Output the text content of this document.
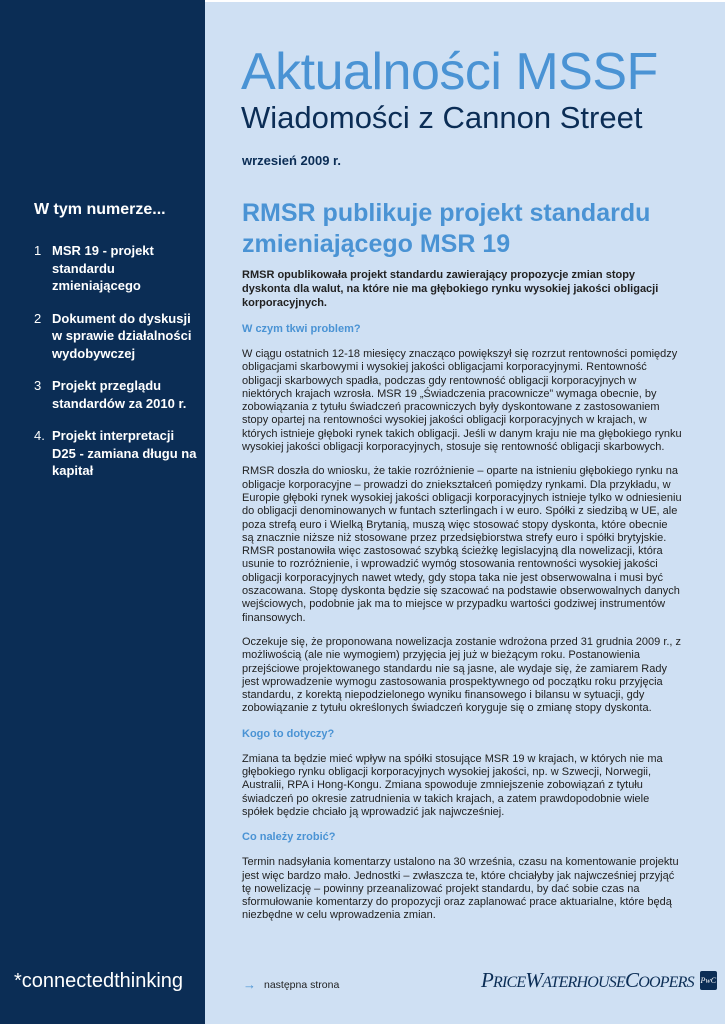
W tym numerze...
1 MSR 19 - projekt standardu zmieniającego
2 Dokument do dyskusji w sprawie działalności wydobywczej
3 Projekt przeglądu standardów za 2010 r.
4. Projekt interpretacji D25 - zamiana długu na kapitał
*connectedthinking
Aktualności MSSF
Wiadomości z Cannon Street
wrzesień 2009 r.
RMSR publikuje projekt standardu zmieniającego MSR 19

RMSR opublikowała projekt standardu zawierający propozycje zmian stopy dyskonta dla walut, na które nie ma głębokiego rynku wysokiej jakości obligacji korporacyjnych.

W czym tkwi problem?

W ciągu ostatnich 12-18 miesięcy znacząco powiększył się rozrzut rentowności pomiędzy obligacjami skarbowymi i wysokiej jakości obligacjami korporacyjnymi. Rentowność obligacji skarbowych spadła, podczas gdy rentowność obligacji korporacyjnych w niektórych krajach wzrosła. MSR 19 „Świadczenia pracownicze” wymaga obecnie, by zobowiązania z tytułu świadczeń pracowniczych były dyskontowane z zastosowaniem stopy opartej na rentowności wysokiej jakości obligacji korporacyjnych w krajach, w których istnieje głęboki rynek takich obligacji. Jeśli w danym kraju nie ma głębokiego rynku wysokiej jakości obligacji korporacyjnych, stosuje się rentowność obligacji skarbowych.

RMSR doszła do wniosku, że takie rozróżnienie – oparte na istnieniu głębokiego rynku na obligacje korporacyjne – prowadzi do zniekształceń pomiędzy rynkami. Dla przykładu, w Europie głęboki rynek wysokiej jakości obligacji korporacyjnych istnieje tylko w odniesieniu do obligacji denominowanych w funtach szterlingach i w euro. Spółki z siedzibą w UE, ale poza strefą euro i Wielką Brytanią, muszą więc stosować stopy dyskonta, które obecnie są znacznie niższe niż stosowane przez przedsiębiorstwa strefy euro i spółki brytyjskie. RMSR postanowiła więc zastosować szybką ścieżkę legislacyjną dla nowelizacji, która usunie to rozróżnienie, i wprowadzić wymóg stosowania rentowności wysokiej jakości obligacji korporacyjnych nawet wtedy, gdy stopa taka nie jest obserwowalna i musi być oszacowana. Stopę dyskonta będzie się szacować na podstawie obserwowalnych danych wejściowych, podobnie jak ma to miejsce w przypadku wartości godziwej instrumentów finansowych.

Oczekuje się, że proponowana nowelizacja zostanie wdrożona przed 31 grudnia 2009 r., z możliwością (ale nie wymogiem) przyjęcia jej już w bieżącym roku. Postanowienia przejściowe projektowanego standardu nie są jasne, ale wydaje się, że zamiarem Rady jest wprowadzenie wymogu zastosowania prospektywnego od początku roku przyjęcia standardu, z korektą niepodzielonego wyniku finansowego i bilansu w sytuacji, gdy zobowiązanie z tytułu określonych świadczeń koryguje się o zmianę stopy dyskonta.

Kogo to dotyczy?

Zmiana ta będzie mieć wpływ na spółki stosujące MSR 19 w krajach, w których nie ma głębokiego rynku obligacji korporacyjnych wysokiej jakości, np. w Szwecji, Norwegii, Australii, RPA i Hong-Kongu. Zmiana spowoduje zmniejszenie zobowiązań z tytułu świadczeń po okresie zatrudnienia w takich krajach, a zatem prawdopodobnie wiele spółek będzie chciało ją wprowadzić jak najwcześniej.

Co należy zrobić?

Termin nadsyłania komentarzy ustalono na 30 września, czasu na komentowanie projektu jest więc bardzo mało. Jednostki – zwłaszcza te, które chciałyby jak najwcześniej przyjąć tę nowelizację – powinny przeanalizować projekt standardu, by dać sobie czas na sformułowanie komentarzy do propozycji oraz zaplanować prace aktuarialne, które będą niezbędne w celu wprowadzenia zmian.

→ następna strona	PRICEWATERHOUSECOOPERS PwC
